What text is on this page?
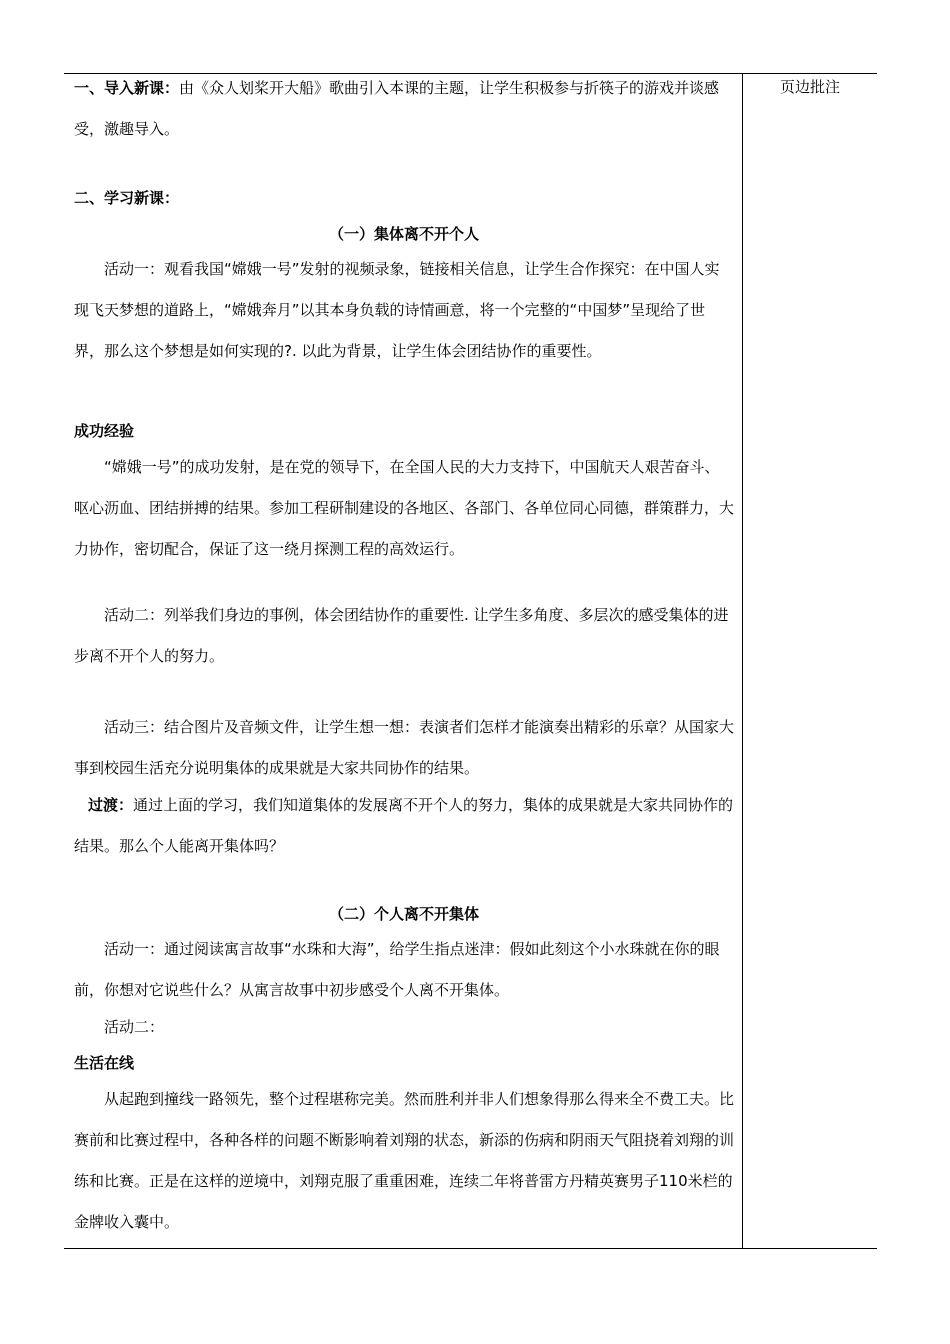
一、导入新课：由《众人划桨开大船》歌曲引入本课的主题，让学生积极参与折筷子的游戏并谈感受，激趣导入。

二、学习新课：

（一）集体离不开个人

活动一：观看我国“嫦娥一号”发射的视频录象，链接相关信息，让学生合作探究：在中国人实现飞天梦想的道路上，“嫦娥奔月”以其本身负载的诗情画意，将一个完整的“中国梦”呈现给了世界，那么这个梦想是如何实现的?. 以此为背景，让学生体会团结协作的重要性。

成功经验

“嫦娥一号”的成功发射，是在党的领导下，在全国人民的大力支持下，中国航天人艰苦奋斗、呕心沥血、团结拼搏的结果。参加工程研制建设的各地区、各部门、各单位同心同德，群策群力，大力协作，密切配合，保证了这一绕月探测工程的高效运行。

活动二：列举我们身边的事例，体会团结协作的重要性. 让学生多角度、多层次的感受集体的进步离不开个人的努力。

活动三：结合图片及音频文件，让学生想一想：表演者们怎样才能演奏出精彩的乐章？从国家大事到校园生活充分说明集体的成果就是大家共同协作的结果。

过渡：通过上面的学习，我们知道集体的发展离不开个人的努力，集体的成果就是大家共同协作的结果。那么个人能离开集体吗？

（二）个人离不开集体

活动一：通过阅读寓言故事“水珠和大海”，给学生指点迷津：假如此刻这个小水珠就在你的眼前，你想对它说些什么？从寓言故事中初步感受个人离不开集体。

活动二：

生活在线

从起跑到撞线一路领先，整个过程堪称完美。然而胜利并非人们想象得那么得来全不费工夫。比赛前和比赛过程中，各种各样的问题不断影响着刘翔的状态，新添的伤病和阴雨天气阻挠着刘翔的训练和比赛。正是在这样的逆境中，刘翔克服了重重困难，连续二年将普雷方丹精英赛男子110米栏的金牌收入囊中。

页边批注
